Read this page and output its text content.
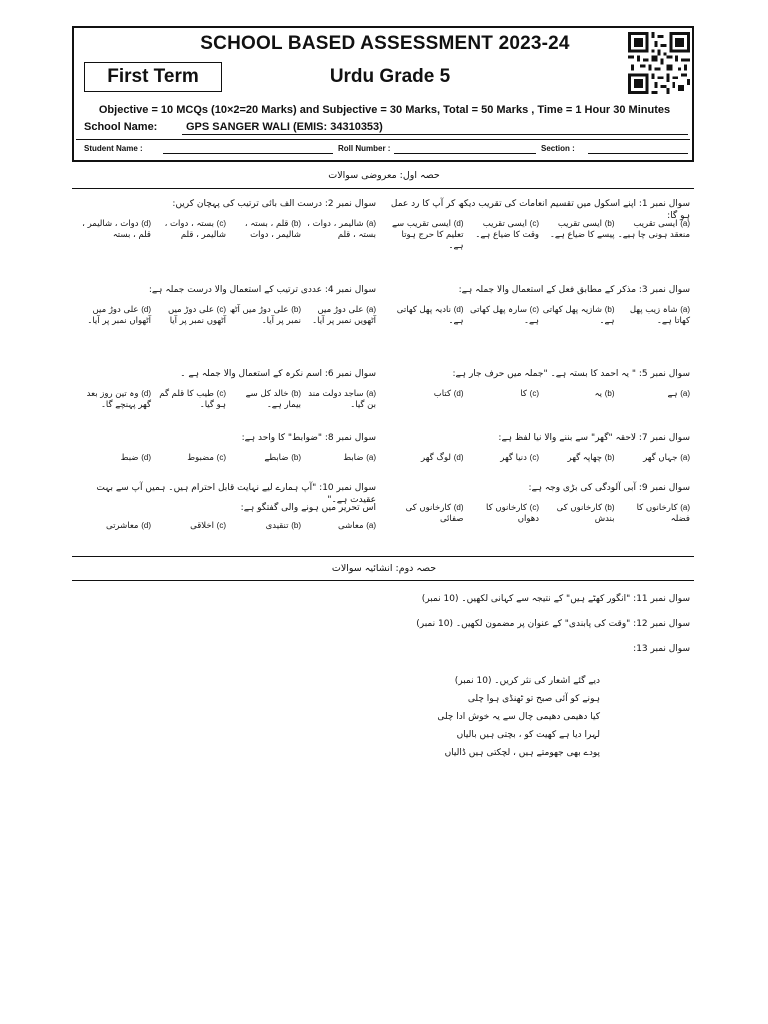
SCHOOL BASED ASSESSMENT 2023-24
Urdu Grade 5
First Term
Objective = 10 MCQs (10×2=20 Marks) and Subjective = 30 Marks, Total = 50 Marks , Time = 1 Hour 30 Minutes
School Name:	GPS SANGER WALI (EMIS: 34310353)
Student Name :	Roll Number :	Section :
حصہ اول: معروضی سوالات
سوال نمبر 1: اپنے اسکول میں تقسیم انعامات کی تقریب دیکھ کر آپ کا رد عمل ہو گا:
(a) ایسی تقریب منعقد ہونی چا ہیے۔
(b) ایسی تقریب پیسے کا ضیاع ہے۔
(c) ایسی تقریب وقت کا ضیاع ہے۔
(d) ایسی تقریب سے تعلیم کا حرج ہوتا ہے۔
سوال نمبر 2: درست الف بائی ترتیب کی پہچان کریں:
(a) شالیمر ، دوات ، بستہ ، قلم
(b) قلم ، بستہ ، شالیمر ، دوات
(c) بستہ ، دوات ، شالیمر ، قلم
(d) دوات ، شالیمر ، قلم ، بستہ
سوال نمبر 3: مذکر کے مطابق فعل کے استعمال والا جملہ ہے:
(a) شاہ زیب پھل کھاتا ہے۔
(b) شازیہ پھل کھاتی ہے۔
(c) سارہ پھل کھاتی ہے۔
(d) نادیہ پھل کھاتی ہے۔
سوال نمبر 4: عددی ترتیب کے استعمال والا درست جملہ ہے:
(a) علی دوڑ میں آٹھویں نمبر پر آیا۔
(b) علی دوڑ میں آٹھ نمبر پر آیا۔
(c) علی دوڑ میں آٹھوں نمبر پر آیا
(d) علی دوڑ میں آٹھواں نمبر پر آیا۔
سوال نمبر 5: " یہ احمد کا بستہ ہے۔ "جملہ میں حرف جار ہے:
(a) ہے
(b) یہ
(c) کا
(d) کتاب
سوال نمبر 6: اسم نکرہ کے استعمال والا جملہ ہے ۔
(a) ساجد دولت مند بن گیا۔
(b) خالد کل سے بیمار ہے۔
(c) طیب کا قلم گم ہو گیا۔
(d) وہ تین روز بعد گھر پہنچے گا۔
سوال نمبر 7: لاحقہ "گھر" سے بننے والا نیا لفظ ہے:
(a) جہاں گھر
(b) چھاپہ گھر
(c) دنیا گھر
(d) لوگ گھر
سوال نمبر 8: "ضوابط" کا واحد ہے:
(a) ضابط
(b) ضابطے
(c) مضبوط
(d) ضبط
سوال نمبر 9: آبی آلودگی کی بڑی وجہ ہے:
(a) کارخانوں کا فضلہ
(b) کارخانوں کی بندش
(c) کارخانوں کا دھواں
(d) کارخانوں کی صفائی
سوال نمبر 10: "آپ ہمارے لیے نہایت قابل احترام ہیں۔ ہمیں آپ سے بہت عقیدت ہے۔"
اس تحریر میں ہونے والی گفتگو ہے:
(a) معاشی
(b) تنقیدی
(c) اخلاقی
(d) معاشرتی
حصہ دوم: انشائیہ سوالات
سوال نمبر 11: "انگور کھٹے ہیں" کے نتیجہ سے کہانی لکھیں۔ (10 نمبر)
سوال نمبر 12: "وقت کی پابندی" کے عنوان پر مضمون لکھیں۔ (10 نمبر)
سوال نمبر 13:
دیے گئے اشعار کی نثر کریں۔ (10 نمبر)
ہونے کو آئی صبح تو ٹھنڈی ہوا چلی
کیا دھیمی دھیمی چال سے یہ خوش ادا چلی
لہرا دیا ہے کھیت کو ، بچتی ہیں بالیاں
پودے بھی جھومتے ہیں ، لچکتی ہیں ڈالیاں
